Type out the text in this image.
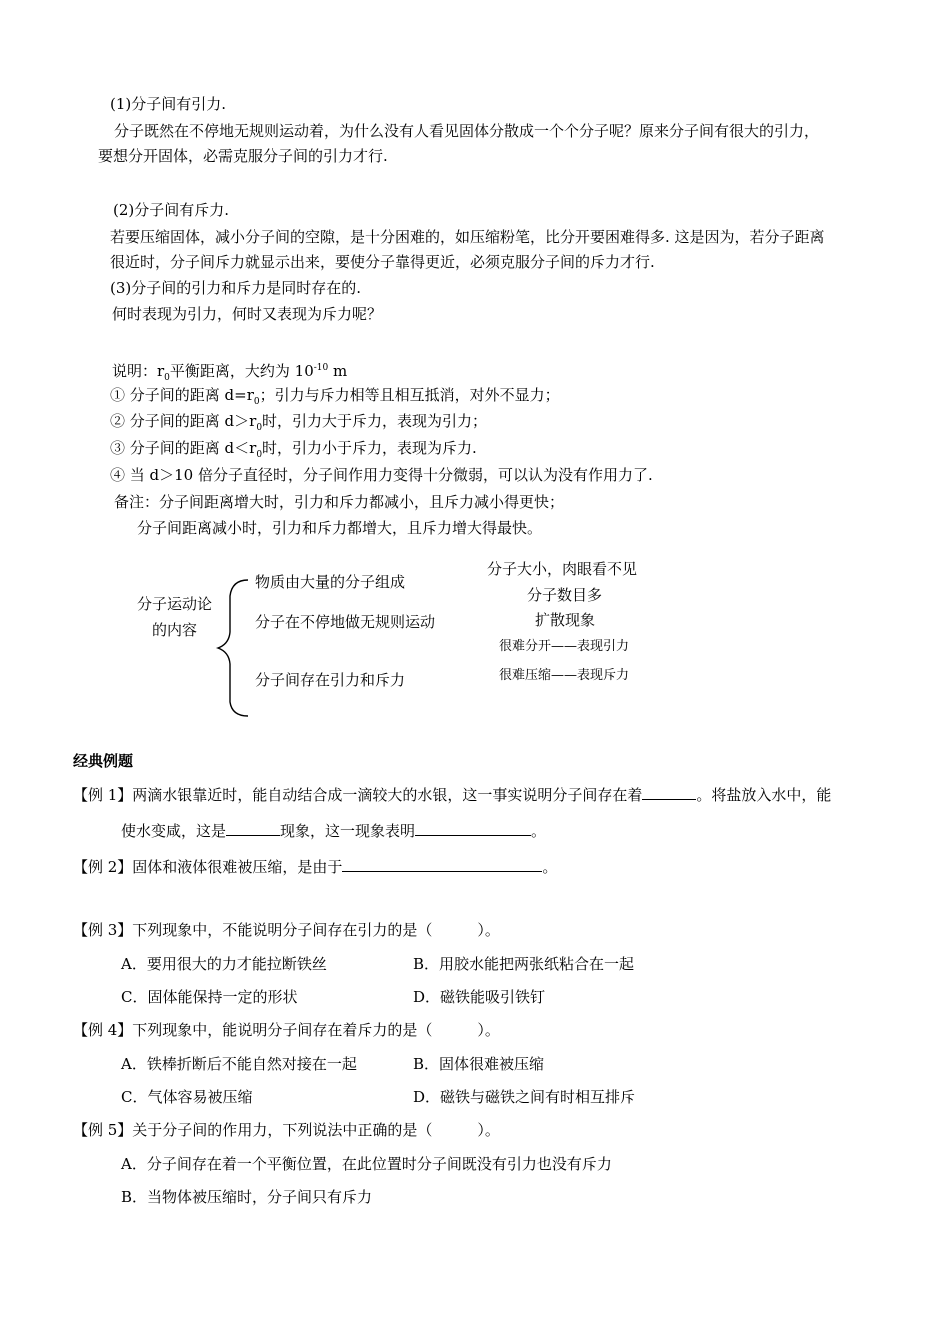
(1)分子间有引力.
分子既然在不停地无规则运动着，为什么没有人看见固体分散成一个个分子呢？原来分子间有很大的引力，
要想分开固体，必需克服分子间的引力才行.
(2)分子间有斥力.
若要压缩固体，减小分子间的空隙，是十分困难的，如压缩粉笔，比分开要困难得多. 这是因为，若分子距离
很近时，分子间斥力就显示出来，要使分子靠得更近，必须克服分子间的斥力才行.
(3)分子间的引力和斥力是同时存在的.
何时表现为引力，何时又表现为斥力呢？
说明：$r_0$平衡距离，大约为 $10^{-10}$ m
① 分子间的距离 $d=r_0$；引力与斥力相等且相互抵消，对外不显力；
② 分子间的距离 $d>r_0$时，引力大于斥力，表现为引力；
③ 分子间的距离 $d<r_0$时，引力小于斥力，表现为斥力.
④ 当 d＞10 倍分子直径时，分子间作用力变得十分微弱，可以认为没有作用力了.
备注：分子间距离增大时，引力和斥力都减小，且斥力减小得更快；
分子间距离减小时，引力和斥力都增大，且斥力增大得最快。
分子运动论
的内容
物质由大量的分子组成
分子在不停地做无规则运动
分子间存在引力和斥力
分子大小，肉眼看不见
分子数目多
扩散现象
很难分开——表现引力
很难压缩——表现斥力
经典例题
【例 1】两滴水银靠近时，能自动结合成一滴较大的水银，这一事实说明分子间存在着	。将盐放入水中，能
使水变咸，这是	现象，这一现象表明	。
【例 2】固体和液体很难被压缩，是由于	。
【例 3】下列现象中，不能说明分子间存在引力的是（　　　）。
A．要用很大的力才能拉断铁丝	B．用胶水能把两张纸粘合在一起
C．固体能保持一定的形状	D．磁铁能吸引铁钉
【例 4】下列现象中，能说明分子间存在着斥力的是（　　　）。
A．铁棒折断后不能自然对接在一起	B．固体很难被压缩
C．气体容易被压缩	D．磁铁与磁铁之间有时相互排斥
【例 5】关于分子间的作用力，下列说法中正确的是（　　　）。
A．分子间存在着一个平衡位置，在此位置时分子间既没有引力也没有斥力
B．当物体被压缩时，分子间只有斥力
